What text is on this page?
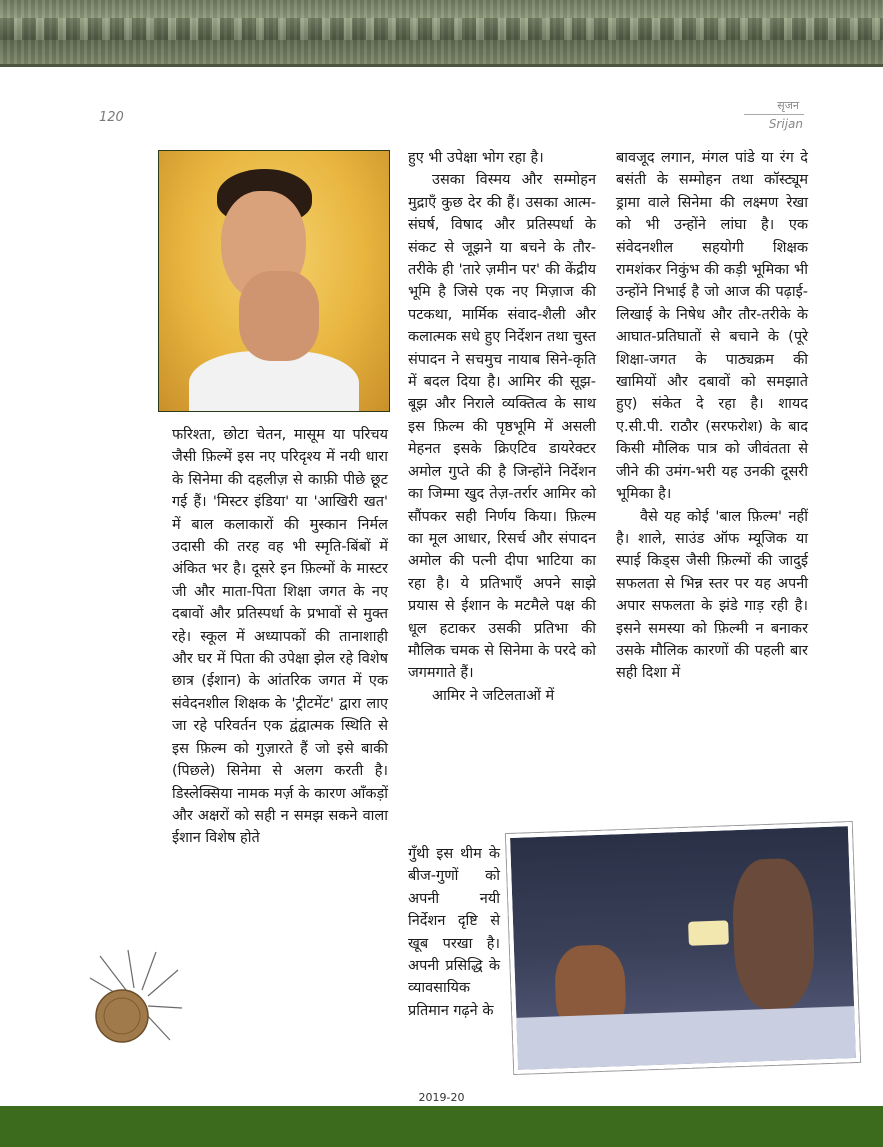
120
सृजन
Srijan

फरिश्ता, छोटा चेतन, मासूम या परिचय जैसी फ़िल्में इस नए परिदृश्य में नयी धारा के सिनेमा की दहलीज़ से काफ़ी पीछे छूट गई हैं। 'मिस्टर इंडिया' या 'आखिरी खत' में बाल कलाकारों की मुस्कान निर्मल उदासी की तरह वह भी स्मृति-बिंबों में अंकित भर है। दूसरे इन फ़िल्मों के मास्टर जी और माता-पिता शिक्षा जगत के नए दबावों और प्रतिस्पर्धा के प्रभावों से मुक्त रहे। स्कूल में अध्यापकों की तानाशाही और घर में पिता की उपेक्षा झेल रहे विशेष छात्र (ईशान) के आंतरिक जगत में एक संवेदनशील शिक्षक के 'ट्रीटमेंट' द्वारा लाए जा रहे परिवर्तन एक द्वंद्वात्मक स्थिति से इस फ़िल्म को गुज़ारते हैं जो इसे बाकी (पिछले) सिनेमा से अलग करती है। डिस्लेक्सिया नामक मर्ज़ के कारण आँकड़ों और अक्षरों को सही न समझ सकने वाला ईशान विशेष होते

हुए भी उपेक्षा भोग रहा है।

उसका विस्मय और सम्मोहन मुद्राएँ कुछ देर की हैं। उसका आत्म-संघर्ष, विषाद और प्रतिस्पर्धा के संकट से जूझने या बचने के तौर-तरीके ही 'तारे ज़मीन पर' की केंद्रीय भूमि है जिसे एक नए मिज़ाज की पटकथा, मार्मिक संवाद-शैली और कलात्मक सधे हुए निर्देशन तथा चुस्त संपादन ने सचमुच नायाब सिने-कृति में बदल दिया है। आमिर की सूझ-बूझ और निराले व्यक्तित्व के साथ इस फ़िल्म की पृष्ठभूमि में असली मेहनत इसके क्रिएटिव डायरेक्टर अमोल गुप्ते की है जिन्होंने निर्देशन का जिम्मा खुद तेज़-तर्रार आमिर को सौंपकर सही निर्णय किया। फ़िल्म का मूल आधार, रिसर्च और संपादन अमोल की पत्नी दीपा भाटिया का रहा है। ये प्रतिभाएँ अपने साझे प्रयास से ईशान के मटमैले पक्ष की धूल हटाकर उसकी प्रतिभा की मौलिक चमक से सिनेमा के परदे को जगमगाते हैं।

आमिर ने जटिलताओं में

गुँथी इस थीम के बीज-गुणों को अपनी नयी निर्देशन दृष्टि से खूब परखा है। अपनी प्रसिद्धि के व्यावसायिक प्रतिमान गढ़ने के

बावजूद लगान, मंगल पांडे या रंग दे बसंती के सम्मोहन तथा कॉस्ट्यूम ड्रामा वाले सिनेमा की लक्ष्मण रेखा को भी उन्होंने लांघा है। एक संवेदनशील सहयोगी शिक्षक रामशंकर निकुंभ की कड़ी भूमिका भी उन्होंने निभाई है जो आज की पढ़ाई-लिखाई के निषेध और तौर-तरीके के आघात-प्रतिघातों से बचाने के (पूरे शिक्षा-जगत के पाठ्यक्रम की खामियों और दबावों को समझाते हुए) संकेत दे रहा है। शायद ए.सी.पी. राठौर (सरफरोश) के बाद किसी मौलिक पात्र को जीवंतता से जीने की उमंग-भरी यह उनकी दूसरी भूमिका है।

वैसे यह कोई 'बाल फ़िल्म' नहीं है। शाले, साउंड ऑफ म्यूजिक या स्पाई किड्स जैसी फ़िल्मों की जादुई सफलता से भिन्न स्तर पर यह अपनी अपार सफलता के झंडे गाड़ रही है। इसने समस्या को फ़िल्मी न बनाकर उसके मौलिक कारणों की पहली बार सही दिशा में

2019-20
